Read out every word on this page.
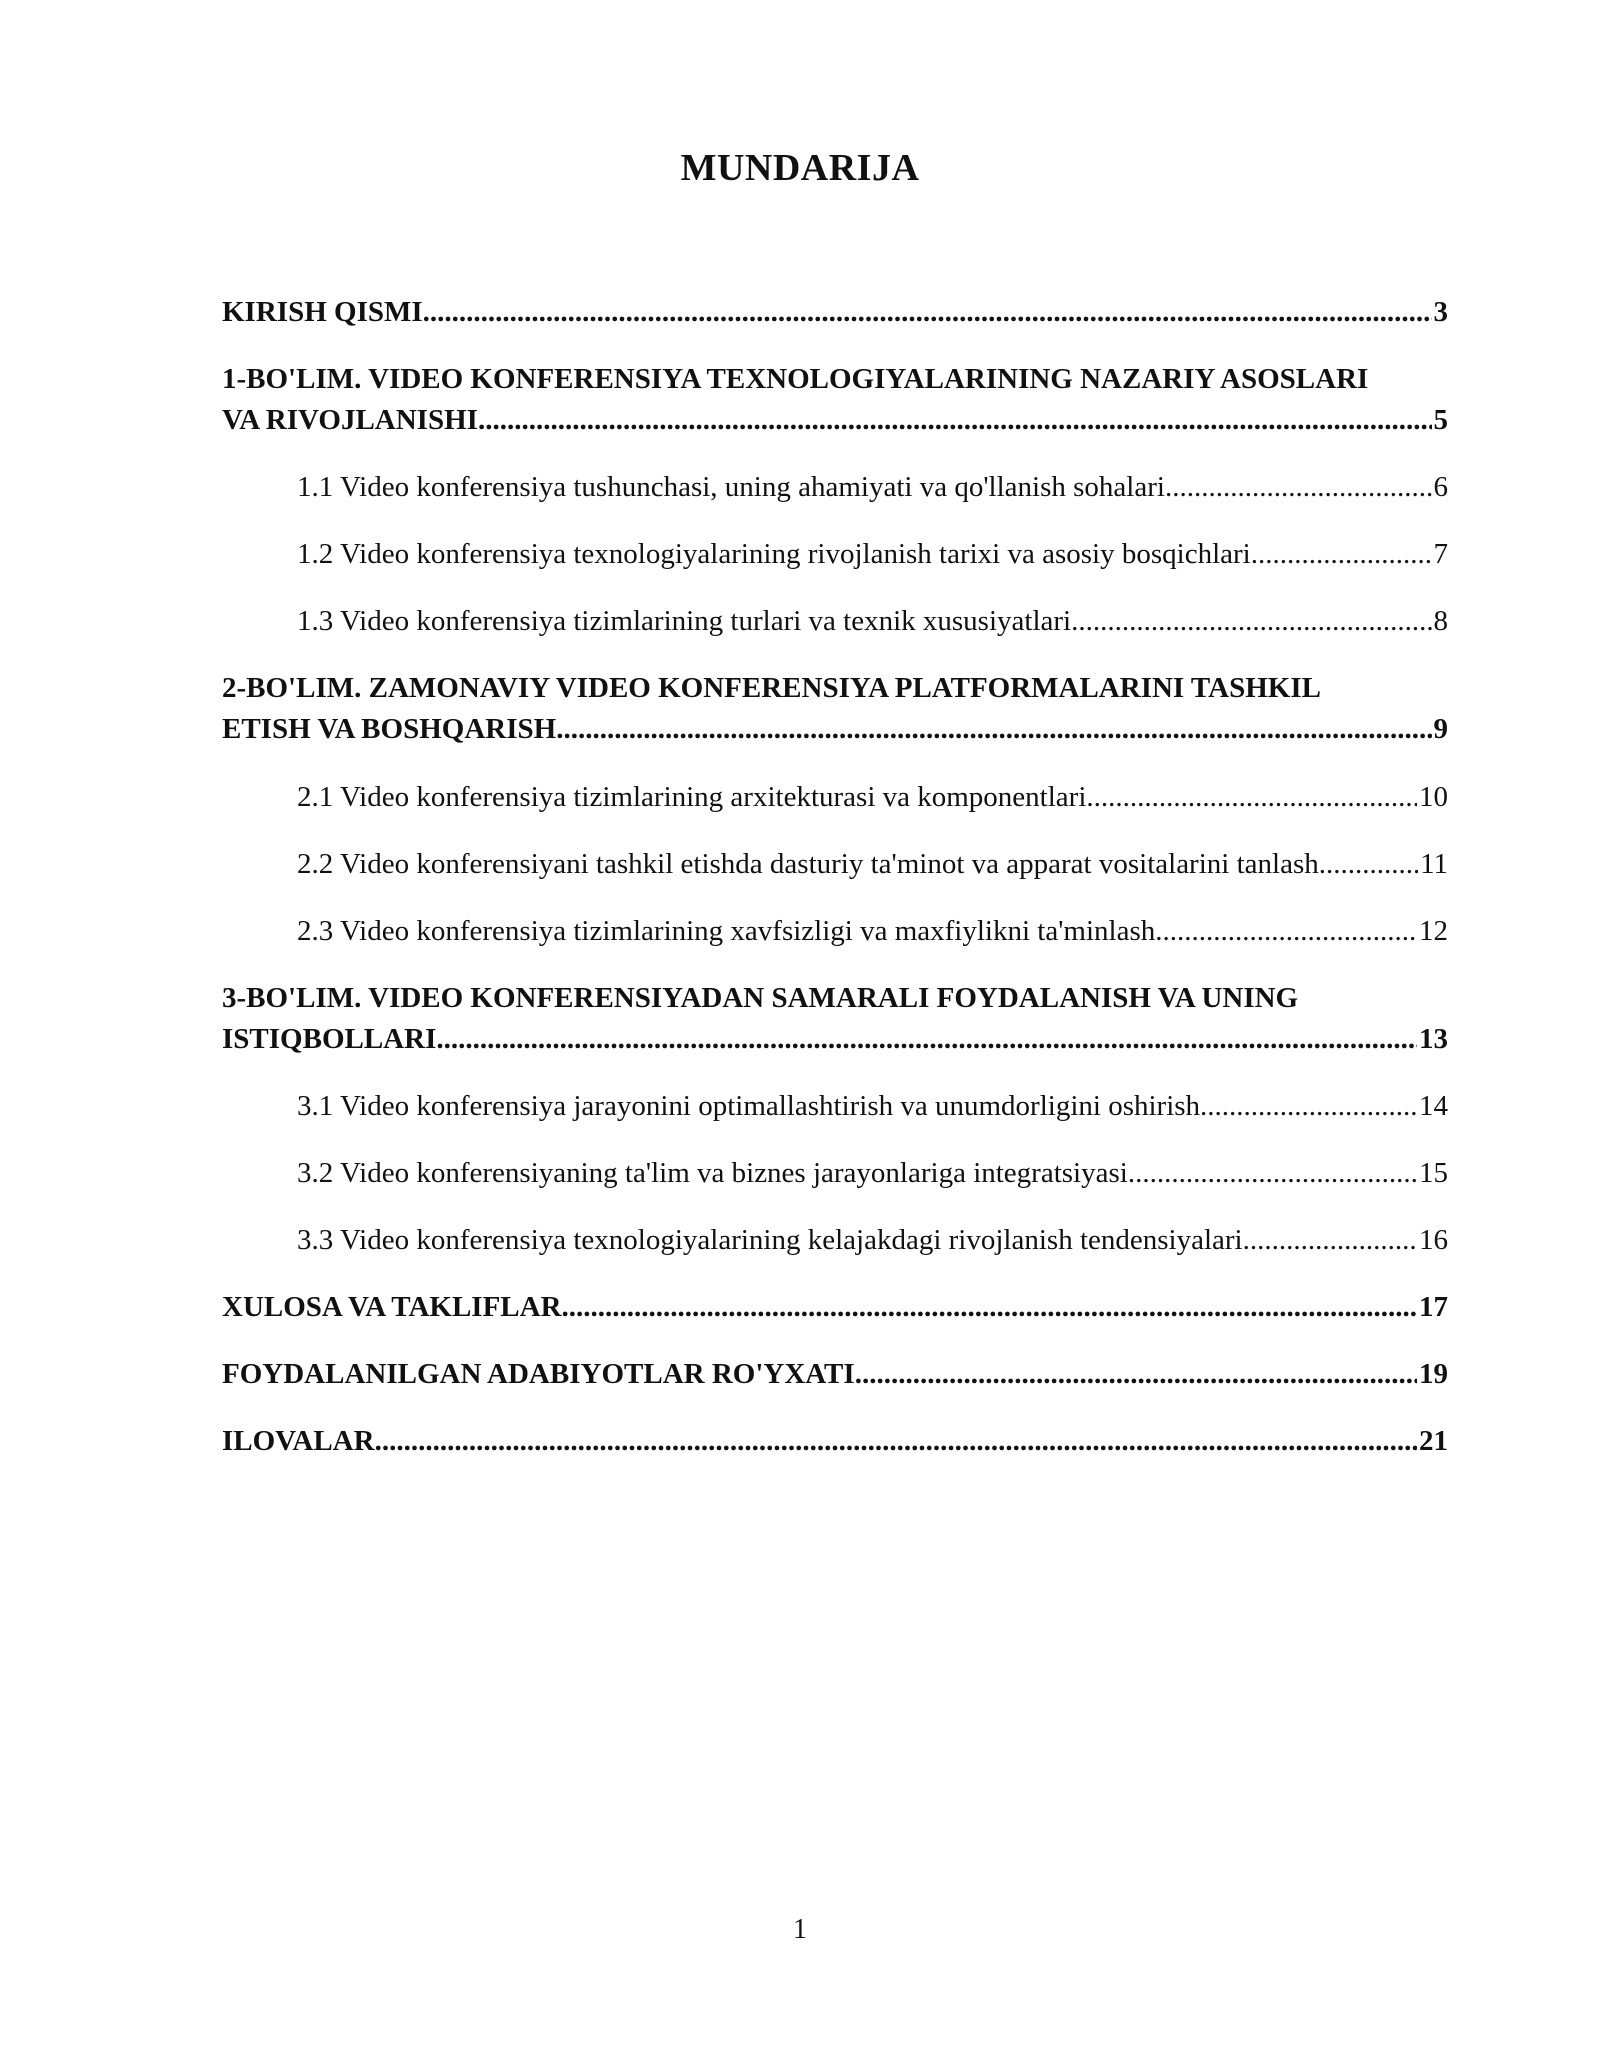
MUNDARIJA
KIRISH QISMI .....	3
1-BO'LIM. VIDEO KONFERENSIYA TEXNOLOGIYALARINING NAZARIY ASOSLARI
VA RIVOJLANISHI .....	5
1.1 Video konferensiya tushunchasi, uning ahamiyati va qo'llanish sohalari .....	6
1.2 Video konferensiya texnologiyalarining rivojlanish tarixi va asosiy bosqichlari .....	7
1.3 Video konferensiya tizimlarining turlari va texnik xususiyatlari .....	8
2-BO'LIM. ZAMONAVIY VIDEO KONFERENSIYA PLATFORMALARINI TASHKIL
ETISH VA BOSHQARISH .....	9
2.1 Video konferensiya tizimlarining arxitekturasi va komponentlari .....	10
2.2 Video konferensiyani tashkil etishda dasturiy ta'minot va apparat vositalarini tanlash .....	11
2.3 Video konferensiya tizimlarining xavfsizligi va maxfiylikni ta'minlash .....	12
3-BO'LIM. VIDEO KONFERENSIYADAN SAMARALI FOYDALANISH VA UNING
ISTIQBOLLARI .....	13
3.1 Video konferensiya jarayonini optimallashtirish va unumdorligini oshirish .....	14
3.2 Video konferensiyaning ta'lim va biznes jarayonlariga integratsiyasi .....	15
3.3 Video konferensiya texnologiyalarining kelajakdagi rivojlanish tendensiyalari .....	16
XULOSA VA TAKLIFLAR .....	17
FOYDALANILGAN ADABIYOTLAR RO'YXATI .....	19
ILOVALAR .....	21
1
